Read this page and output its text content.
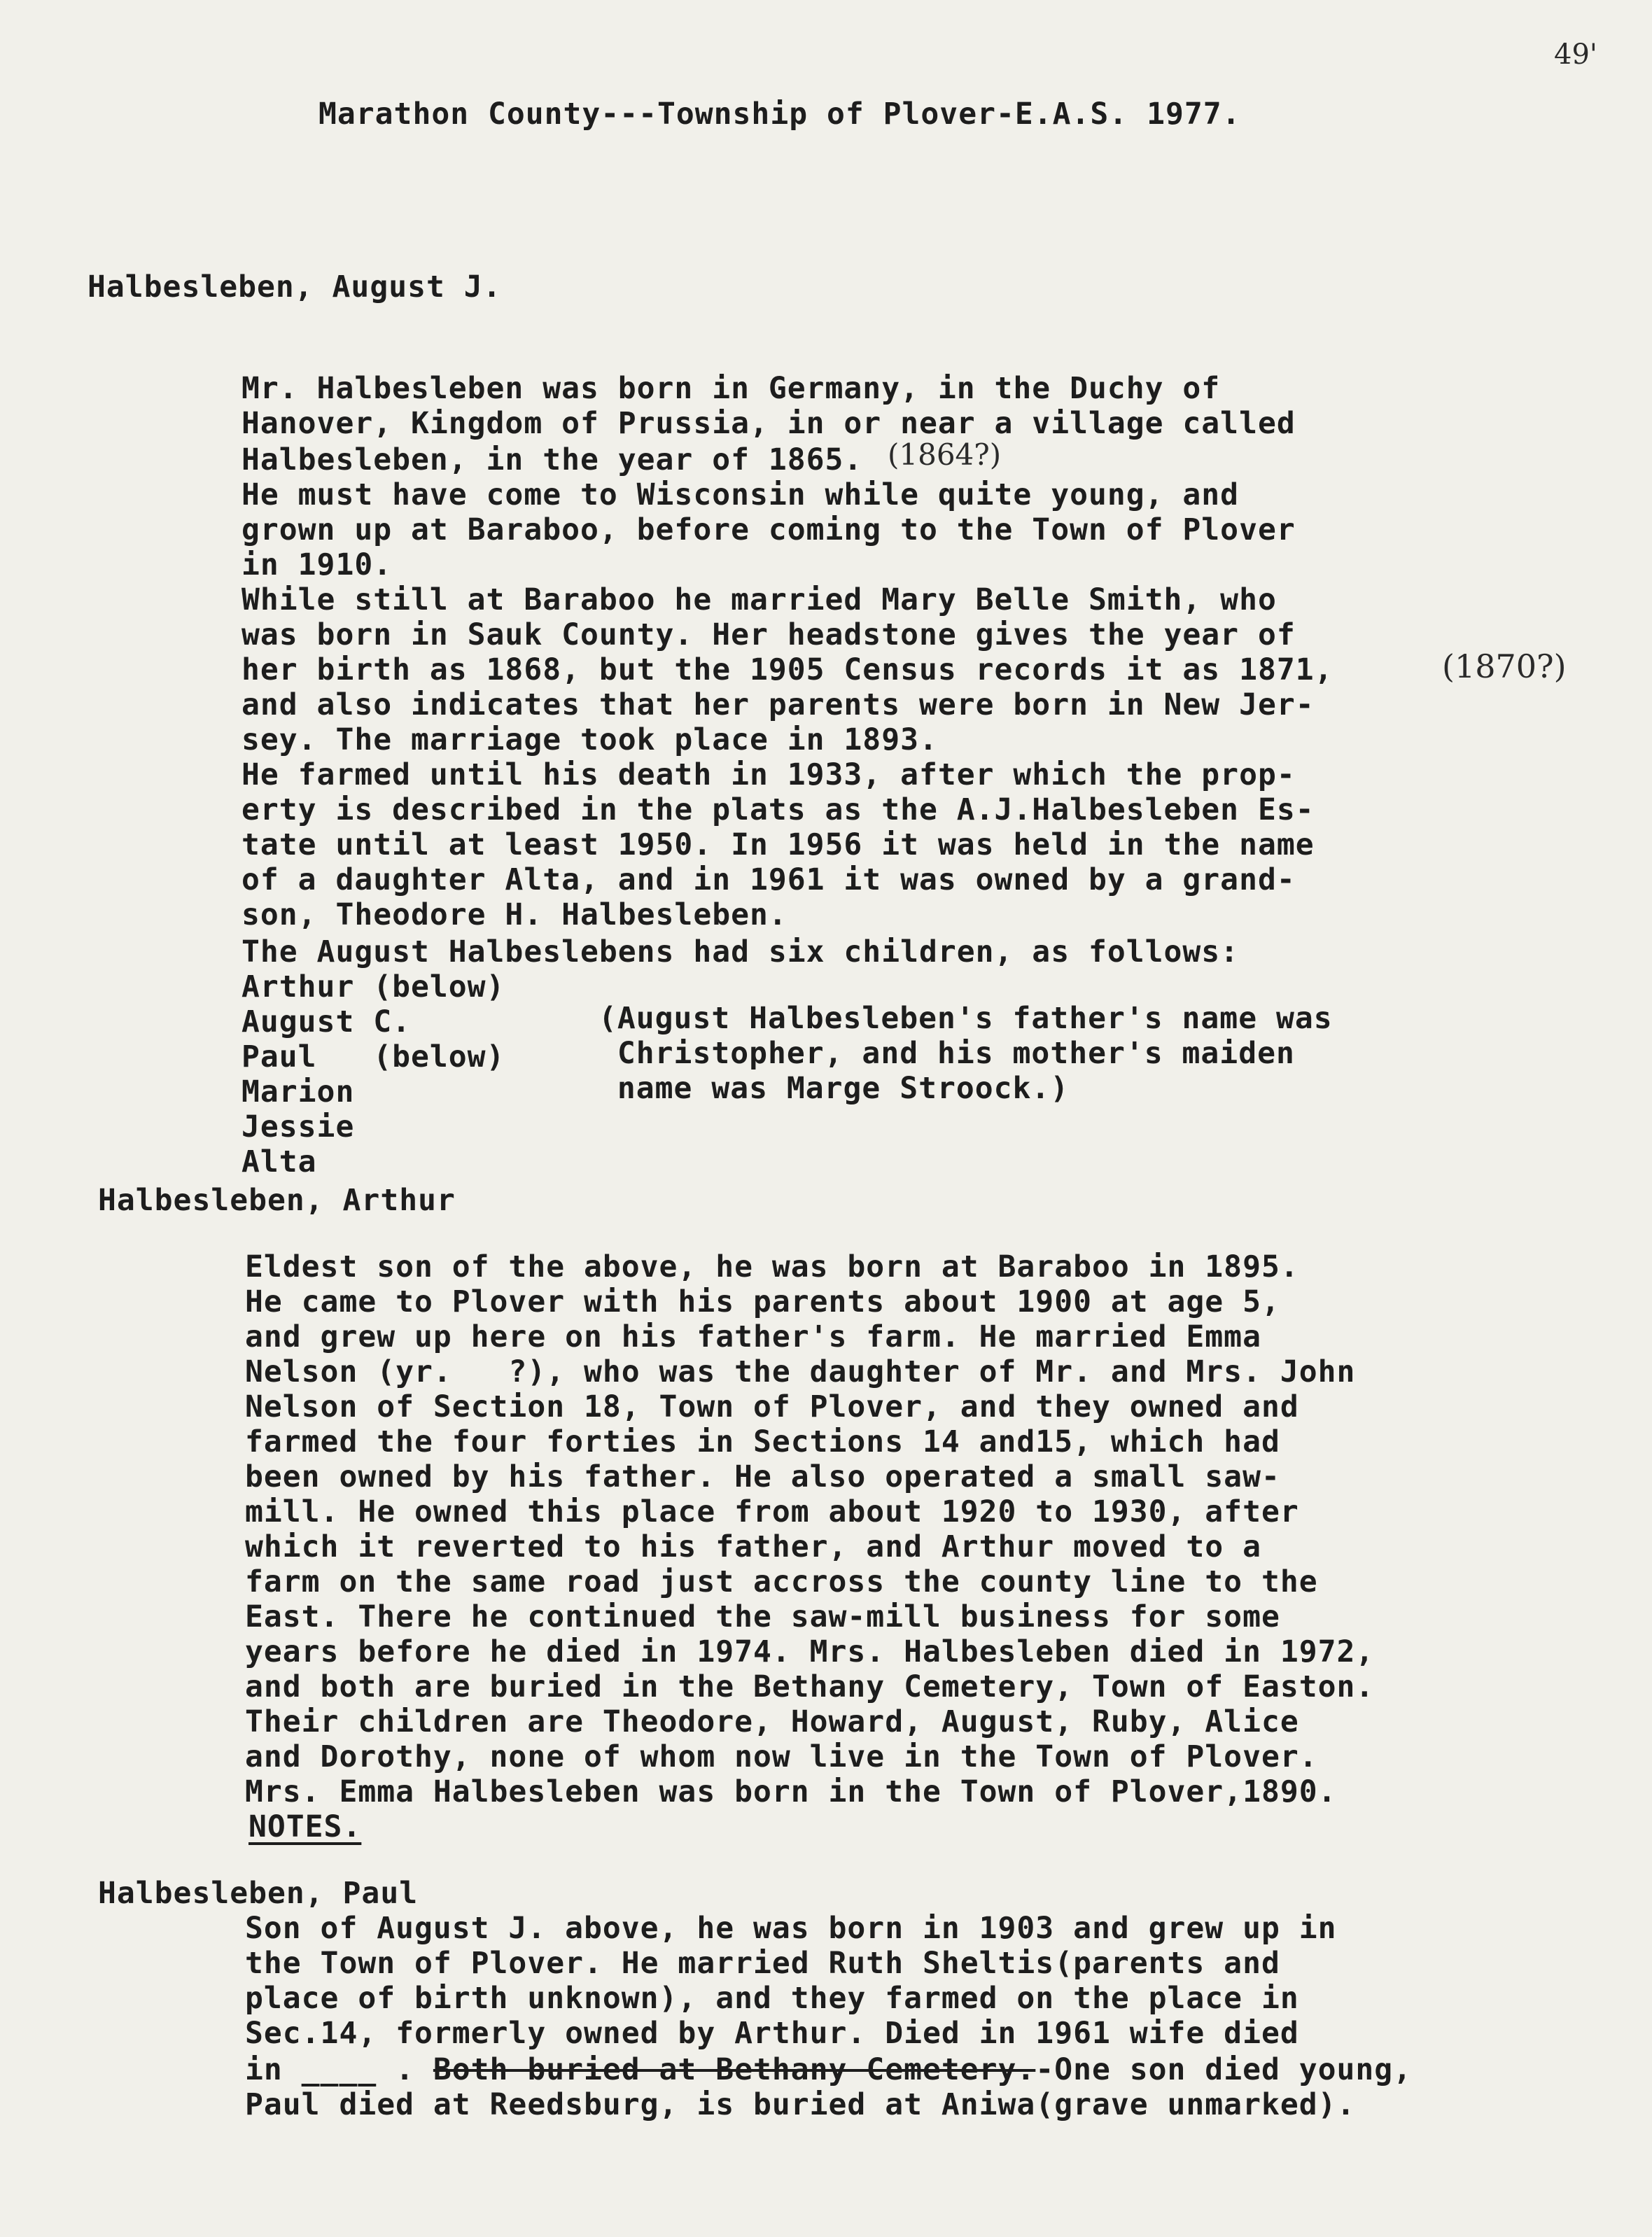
49'
Marathon County---Township of Plover-E.A.S. 1977.
Halbesleben, August J.
Mr. Halbesleben was born in Germany, in the Duchy of
Hanover, Kingdom of Prussia, in or near a village called
Halbesleben, in the year of 1865. (1864?)
He must have come to Wisconsin while quite young, and
grown up at Baraboo, before coming to the Town of Plover
in 1910.
While still at Baraboo he married Mary Belle Smith, who
was born in Sauk County. Her headstone gives the year of
her birth as 1868, but the 1905 Census records it as 1871,	(1870?)
and also indicates that her parents were born in New Jer-
sey. The marriage took place in 1893.
He farmed until his death in 1933, after which the prop-
erty is described in the plats as the A.J.Halbesleben Es-
tate until at least 1950. In 1956 it was held in the name
of a daughter Alta, and in 1961 it was owned by a grand-
son, Theodore H. Halbesleben.
The August Halbeslebens had six children, as follows:
Arthur (below)
August C.
Paul   (below)
Marion
Jessie
Alta
(August Halbesleben's father's name was
Christopher, and his mother's maiden
name was Marge Stroock.)
Halbesleben, Arthur
Eldest son of the above, he was born at Baraboo in 1895.
He came to Plover with his parents about 1900 at age 5,
and grew up here on his father's farm. He married Emma
Nelson (yr.   ?), who was the daughter of Mr. and Mrs. John
Nelson of Section 18, Town of Plover, and they owned and
farmed the four forties in Sections 14 and15, which had
been owned by his father. He also operated a small saw-
mill. He owned this place from about 1920 to 1930, after
which it reverted to his father, and Arthur moved to a
farm on the same road just accross the county line to the
East. There he continued the saw-mill business for some
years before he died in 1974. Mrs. Halbesleben died in 1972,
and both are buried in the Bethany Cemetery, Town of Easton.
Their children are Theodore, Howard, August, Ruby, Alice
and Dorothy, none of whom now live in the Town of Plover.
Mrs. Emma Halbesleben was born in the Town of Plover,1890.
NOTES.
Halbesleben, Paul
Son of August J. above, he was born in 1903 and grew up in
the Town of Plover. He married Ruth Sheltis(parents and
place of birth unknown), and they farmed on the place in
Sec.14, formerly owned by Arthur. Died in 1961 wife died
in ____ . Both buried at Bethany Cemetery.-One son died young,
Paul died at Reedsburg, is buried at Aniwa(grave unmarked).
